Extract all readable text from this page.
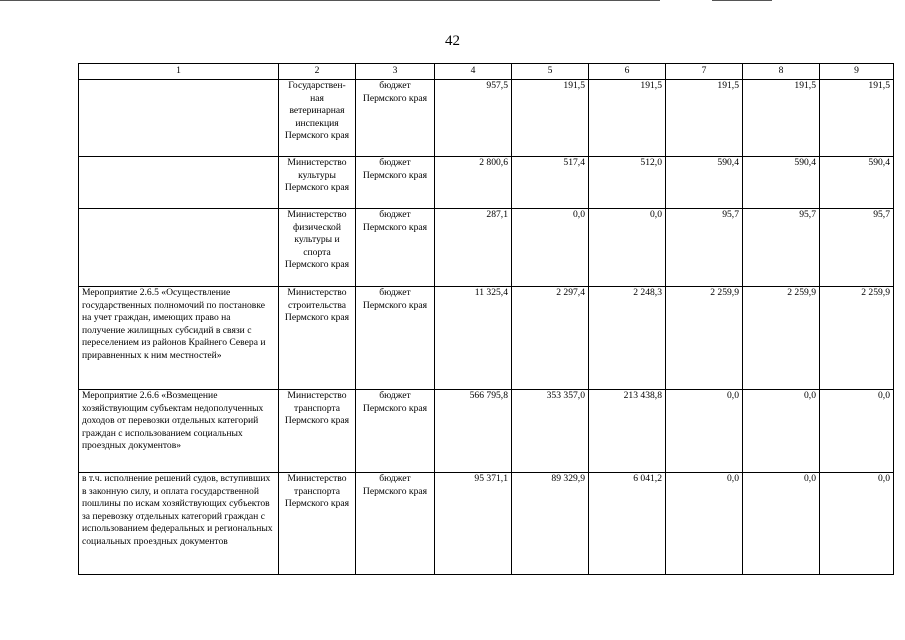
42
1	2	3	4	5	6	7	8	9
	Государствен-ная ветеринарная инспекция Пермского края	бюджет Пермского края	957,5	191,5	191,5	191,5	191,5	191,5
	Министерство культуры Пермского края	бюджет Пермского края	2 800,6	517,4	512,0	590,4	590,4	590,4
	Министерство физической культуры и спорта Пермского края	бюджет Пермского края	287,1	0,0	0,0	95,7	95,7	95,7
Мероприятие 2.6.5 «Осуществление государственных полномочий по постановке на учет граждан, имеющих право на получение жилищных субсидий в связи с переселением из районов Крайнего Севера и приравненных к ним местностей»	Министерство строительства Пермского края	бюджет Пермского края	11 325,4	2 297,4	2 248,3	2 259,9	2 259,9	2 259,9
Мероприятие 2.6.6 «Возмещение хозяйствующим субъектам недополученных доходов от перевозки отдельных категорий граждан с использованием социальных проездных документов»	Министерство транспорта Пермского края	бюджет Пермского края	566 795,8	353 357,0	213 438,8	0,0	0,0	0,0
в т.ч. исполнение решений судов, вступивших в законную силу, и оплата государственной пошлины по искам хозяйствующих субъектов за перевозку отдельных категорий граждан с использованием федеральных и региональных социальных проездных документов	Министерство транспорта Пермского края	бюджет Пермского края	95 371,1	89 329,9	6 041,2	0,0	0,0	0,0
